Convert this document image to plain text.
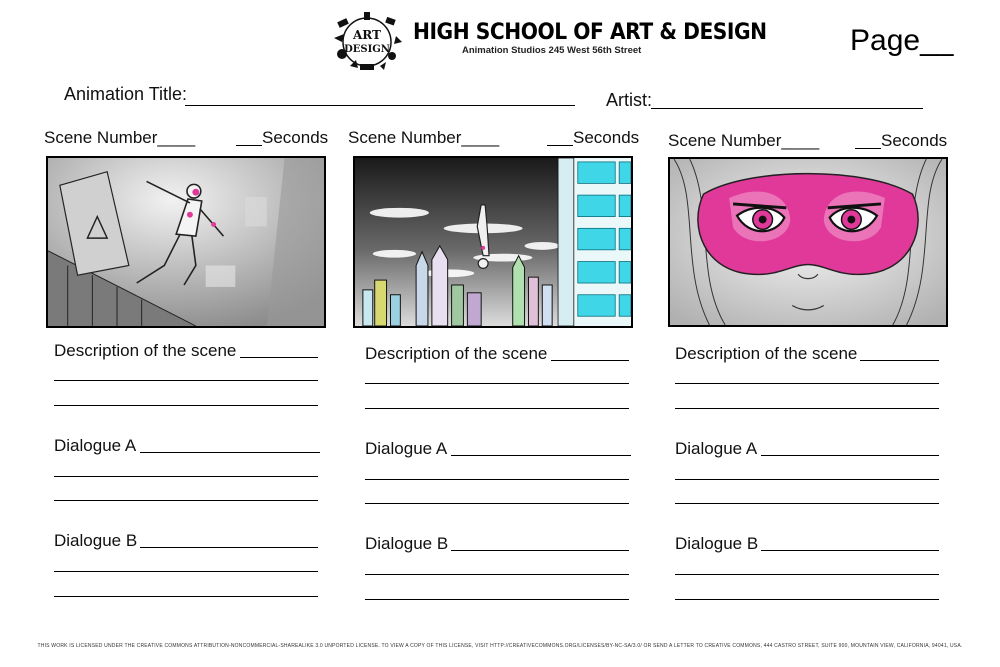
ART
DESIGN
HIGH SCHOOL OF ART & DESIGN
Animation Studios 245 West 56th Street	Page__
Animation Title:	Artist:
Scene Number____	Seconds
Description of the scene
Dialogue A
Dialogue B
Scene Number____	Seconds
Description of the scene
Dialogue A
Dialogue B
Scene Number____	Seconds
Description of the scene
Dialogue A
Dialogue B
THIS WORK IS LICENSED UNDER THE CREATIVE COMMONS ATTRIBUTION-NONCOMMERCIAL-SHAREALIKE 3.0 UNPORTED LICENSE. TO VIEW A COPY OF THIS LICENSE, VISIT HTTP://CREATIVECOMMONS.ORG/LICENSES/BY-NC-SA/3.0/ OR SEND A LETTER TO CREATIVE COMMONS, 444 CASTRO STREET, SUITE 900, MOUNTAIN VIEW, CALIFORNIA, 94041, USA.
